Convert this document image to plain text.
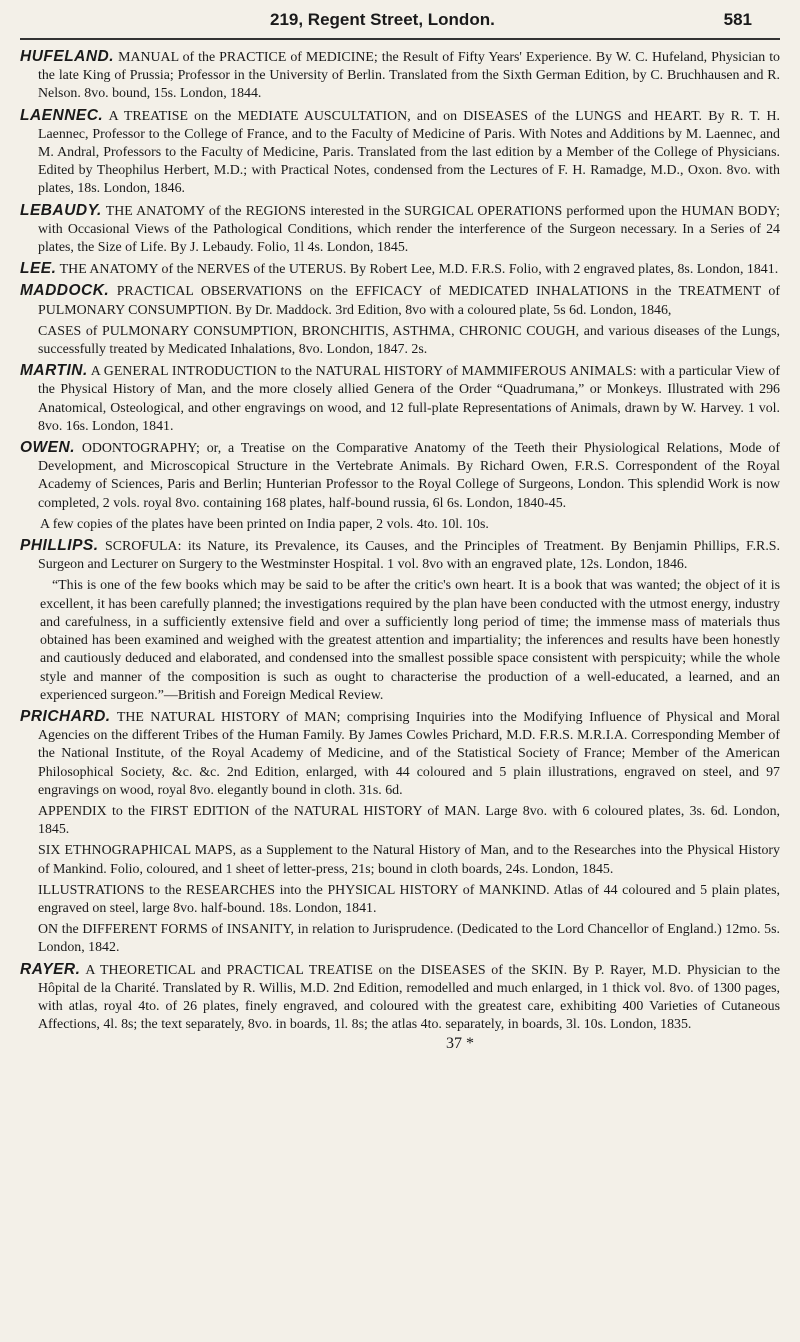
219, Regent Street, London.	581

HUFELAND. MANUAL of the PRACTICE of MEDICINE; the Result of Fifty Years' Experience. By W. C. Hufeland, Physician to the late King of Prussia; Professor in the University of Berlin. Translated from the Sixth German Edition, by C. Bruchhausen and R. Nelson. 8vo. bound, 15s. London, 1844.

LAENNEC. A TREATISE on the MEDIATE AUSCULTATION, and on DISEASES of the LUNGS and HEART. By R. T. H. Laennec, Professor to the College of France, and to the Faculty of Medicine of Paris. With Notes and Additions by M. Laennec, and M. Andral, Professors to the Faculty of Medicine, Paris. Translated from the last edition by a Member of the College of Physicians. Edited by Theophilus Herbert, M.D.; with Practical Notes, condensed from the Lectures of F. H. Ramadge, M.D., Oxon. 8vo. with plates, 18s. London, 1846.

LEBAUDY. THE ANATOMY of the REGIONS interested in the SURGICAL OPERATIONS performed upon the HUMAN BODY; with Occasional Views of the Pathological Conditions, which render the interference of the Surgeon necessary. In a Series of 24 plates, the Size of Life. By J. Lebaudy. Folio, 1l 4s. London, 1845.

LEE. THE ANATOMY of the NERVES of the UTERUS. By Robert Lee, M.D. F.R.S. Folio, with 2 engraved plates, 8s. London, 1841.

MADDOCK. PRACTICAL OBSERVATIONS on the EFFICACY of MEDICATED INHALATIONS in the TREATMENT of PULMONARY CONSUMPTION. By Dr. Maddock. 3rd Edition, 8vo with a coloured plate, 5s 6d. London, 1846,

CASES of PULMONARY CONSUMPTION, BRONCHITIS, ASTHMA, CHRONIC COUGH, and various diseases of the Lungs, successfully treated by Medicated Inhalations, 8vo. London, 1847. 2s.

MARTIN. A GENERAL INTRODUCTION to the NATURAL HISTORY of MAMMIFEROUS ANIMALS: with a particular View of the Physical History of Man, and the more closely allied Genera of the Order “Quadrumana,” or Monkeys. Illustrated with 296 Anatomical, Osteological, and other engravings on wood, and 12 full-plate Representations of Animals, drawn by W. Harvey. 1 vol. 8vo. 16s. London, 1841.

OWEN. ODONTOGRAPHY; or, a Treatise on the Comparative Anatomy of the Teeth their Physiological Relations, Mode of Development, and Microscopical Structure in the Vertebrate Animals. By Richard Owen, F.R.S. Correspondent of the Royal Academy of Sciences, Paris and Berlin; Hunterian Professor to the Royal College of Surgeons, London. This splendid Work is now completed, 2 vols. royal 8vo. containing 168 plates, half-bound russia, 6l 6s. London, 1840-45.

A few copies of the plates have been printed on India paper, 2 vols. 4to. 10l. 10s.

PHILLIPS. SCROFULA: its Nature, its Prevalence, its Causes, and the Principles of Treatment. By Benjamin Phillips, F.R.S. Surgeon and Lecturer on Surgery to the Westminster Hospital. 1 vol. 8vo with an engraved plate, 12s. London, 1846.

“This is one of the few books which may be said to be after the critic's own heart. It is a book that was wanted; the object of it is excellent, it has been carefully planned; the investigations required by the plan have been conducted with the utmost energy, industry and carefulness, in a sufficiently extensive field and over a sufficiently long period of time; the immense mass of materials thus obtained has been examined and weighed with the greatest attention and impartiality; the inferences and results have been honestly and cautiously deduced and elaborated, and condensed into the smallest possible space consistent with perspicuity; while the whole style and manner of the composition is such as ought to characterise the production of a well-educated, a learned, and an experienced surgeon.”—British and Foreign Medical Review.

PRICHARD. THE NATURAL HISTORY of MAN; comprising Inquiries into the Modifying Influence of Physical and Moral Agencies on the different Tribes of the Human Family. By James Cowles Prichard, M.D. F.R.S. M.R.I.A. Corresponding Member of the National Institute, of the Royal Academy of Medicine, and of the Statistical Society of France; Member of the American Philosophical Society, &c. &c. 2nd Edition, enlarged, with 44 coloured and 5 plain illustrations, engraved on steel, and 97 engravings on wood, royal 8vo. elegantly bound in cloth. 31s. 6d.

APPENDIX to the FIRST EDITION of the NATURAL HISTORY of MAN. Large 8vo. with 6 coloured plates, 3s. 6d. London, 1845.

SIX ETHNOGRAPHICAL MAPS, as a Supplement to the Natural History of Man, and to the Researches into the Physical History of Mankind. Folio, coloured, and 1 sheet of letter-press, 21s; bound in cloth boards, 24s. London, 1845.

ILLUSTRATIONS to the RESEARCHES into the PHYSICAL HISTORY of MANKIND. Atlas of 44 coloured and 5 plain plates, engraved on steel, large 8vo. half-bound. 18s. London, 1841.

ON the DIFFERENT FORMS of INSANITY, in relation to Jurisprudence. (Dedicated to the Lord Chancellor of England.) 12mo. 5s. London, 1842.

RAYER. A THEORETICAL and PRACTICAL TREATISE on the DISEASES of the SKIN. By P. Rayer, M.D. Physician to the Hôpital de la Charité. Translated by R. Willis, M.D. 2nd Edition, remodelled and much enlarged, in 1 thick vol. 8vo. of 1300 pages, with atlas, royal 4to. of 26 plates, finely engraved, and coloured with the greatest care, exhibiting 400 Varieties of Cutaneous Affections, 4l. 8s; the text separately, 8vo. in boards, 1l. 8s; the atlas 4to. separately, in boards, 3l. 10s. London, 1835.

37 *
